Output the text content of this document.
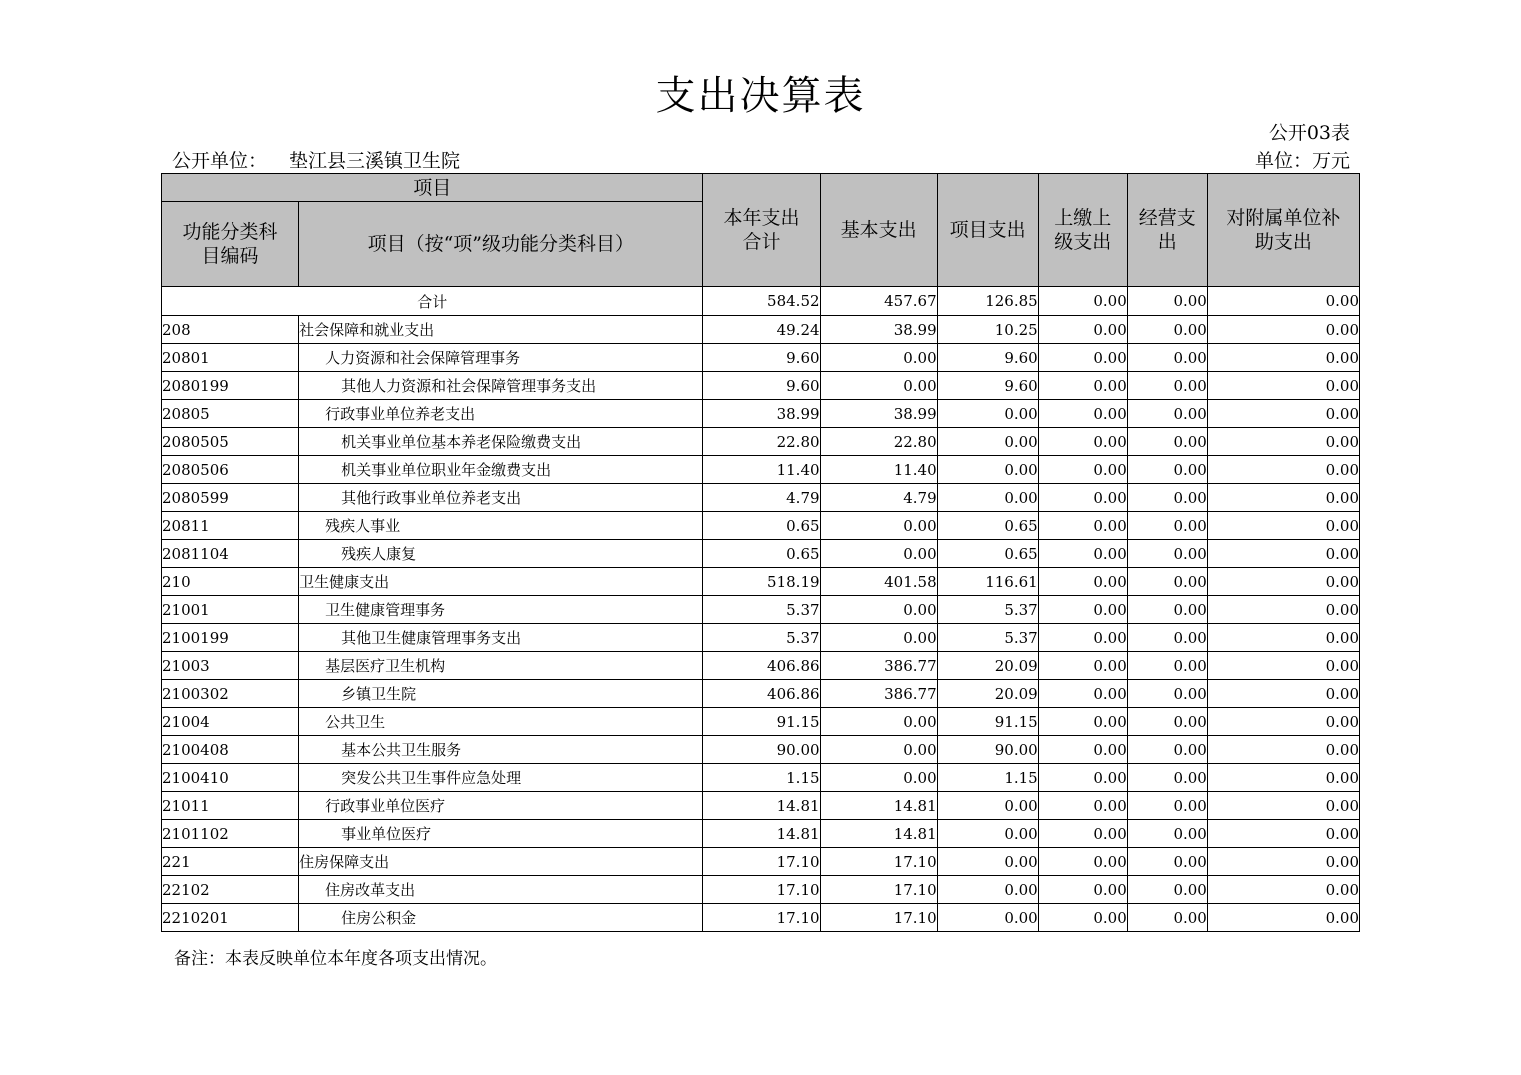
支出决算表
公开03表
公开单位： 垫江县三溪镇卫生院	单位：万元
项目		本年支出合计	基本支出	项目支出	上缴上级支出	经营支出	对附属单位补助支出

功能分类科目编码	项目（按“项”级功能分类科目）						
合计		584.52	457.67	126.85	0.00	0.00	0.00
208	社会保障和就业支出	49.24	38.99	10.25	0.00	0.00	0.00
20801	人力资源和社会保障管理事务	9.60	0.00	9.60	0.00	0.00	0.00
2080199	其他人力资源和社会保障管理事务支出	9.60	0.00	9.60	0.00	0.00	0.00
20805	行政事业单位养老支出	38.99	38.99	0.00	0.00	0.00	0.00
2080505	机关事业单位基本养老保险缴费支出	22.80	22.80	0.00	0.00	0.00	0.00
2080506	机关事业单位职业年金缴费支出	11.40	11.40	0.00	0.00	0.00	0.00
2080599	其他行政事业单位养老支出	4.79	4.79	0.00	0.00	0.00	0.00
20811	残疾人事业	0.65	0.00	0.65	0.00	0.00	0.00
2081104	残疾人康复	0.65	0.00	0.65	0.00	0.00	0.00
210	卫生健康支出	518.19	401.58	116.61	0.00	0.00	0.00
21001	卫生健康管理事务	5.37	0.00	5.37	0.00	0.00	0.00
2100199	其他卫生健康管理事务支出	5.37	0.00	5.37	0.00	0.00	0.00
21003	基层医疗卫生机构	406.86	386.77	20.09	0.00	0.00	0.00
2100302	乡镇卫生院	406.86	386.77	20.09	0.00	0.00	0.00
21004	公共卫生	91.15	0.00	91.15	0.00	0.00	0.00
2100408	基本公共卫生服务	90.00	0.00	90.00	0.00	0.00	0.00
2100410	突发公共卫生事件应急处理	1.15	0.00	1.15	0.00	0.00	0.00
21011	行政事业单位医疗	14.81	14.81	0.00	0.00	0.00	0.00
2101102	事业单位医疗	14.81	14.81	0.00	0.00	0.00	0.00
221	住房保障支出	17.10	17.10	0.00	0.00	0.00	0.00
22102	住房改革支出	17.10	17.10	0.00	0.00	0.00	0.00
2210201	住房公积金	17.10	17.10	0.00	0.00	0.00	0.00
备注：本表反映单位本年度各项支出情况。
